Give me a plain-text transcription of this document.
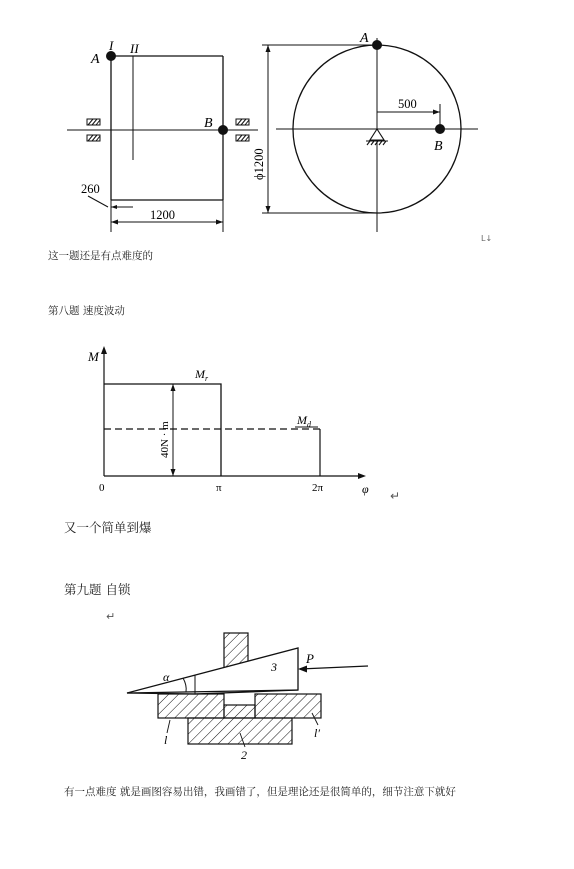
A
I II
B
260
1200
A
500
B
ϕ1200
L↓
这一题还是有点难度的
第八题 速度波动
M
$M_r$
$M_d$
40N · m
0	π	2π	φ ↵
又一个简单到爆
第九题 自锁
↵
α
3
P
l	l′
2
有一点难度 就是画图容易出错，我画错了，但是理论还是很简单的，细节注意下就好
